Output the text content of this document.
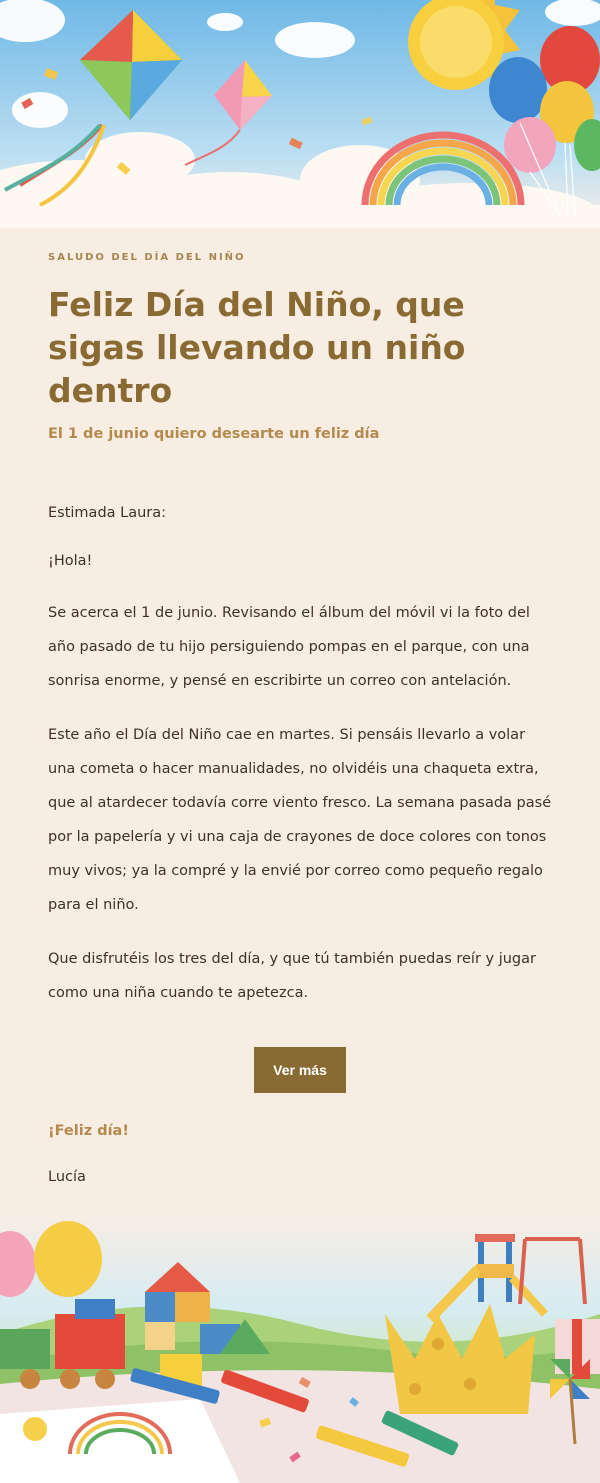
SALUDO DEL DÍA DEL NIÑO
Feliz Día del Niño, que sigas llevando un niño dentro
El 1 de junio quiero desearte un feliz día
Estimada Laura:
¡Hola!
Se acerca el 1 de junio. Revisando el álbum del móvil vi la foto del año pasado de tu hijo persiguiendo pompas en el parque, con una sonrisa enorme, y pensé en escribirte un correo con antelación.
Este año el Día del Niño cae en martes. Si pensáis llevarlo a volar una cometa o hacer manualidades, no olvidéis una chaqueta extra, que al atardecer todavía corre viento fresco. La semana pasada pasé por la papelería y vi una caja de crayones de doce colores con tonos muy vivos; ya la compré y la envié por correo como pequeño regalo para el niño.
Que disfrutéis los tres del día, y que tú también puedas reír y jugar como una niña cuando te apetezca.
Ver más
¡Feliz día!
Lucía
